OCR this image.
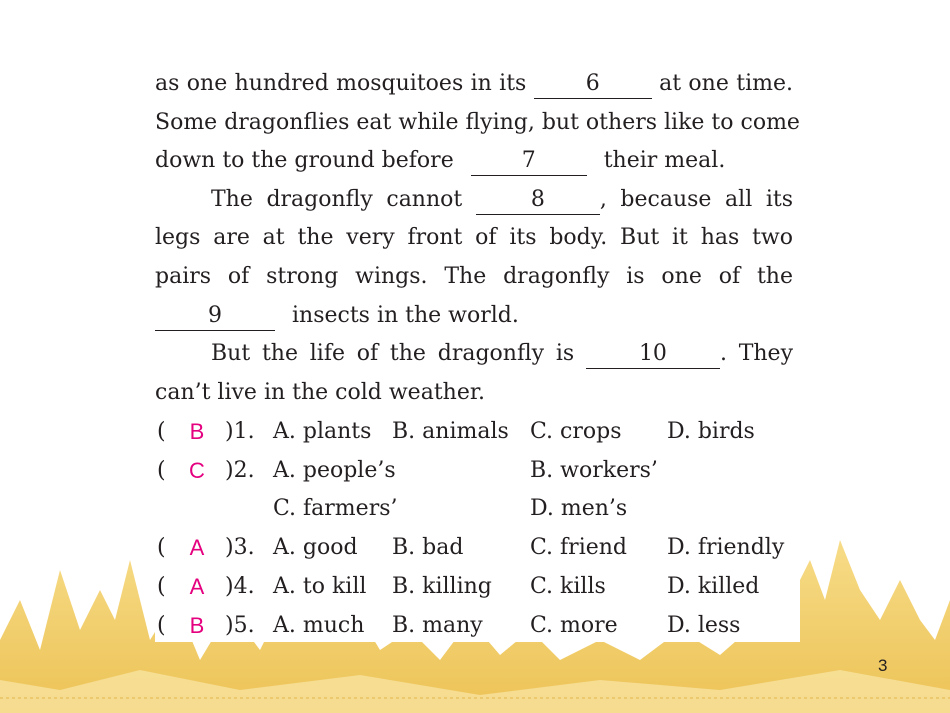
as one hundred mosquitoes in its	6	at one time.
Some dragonflies eat while flying, but others like to come
down to the ground before	7	their meal.
The dragonfly cannot	8	, because all its
legs are at the very front of its body. But it has two
pairs of strong wings. The dragonfly is one of the
9	insects in the world.
But the life of the dragonfly is	10 . They
can’t live in the cold weather.
(	B )1. A. plants B. animals C. crops D. birds
(	C )2. A. people’s	B. workers’
C. farmers’	D. men’s
(	A )3. A. good B. bad	C. friend D. friendly
(	A )4. A. to kill B. killing C. kills	D. killed
(	B )5. A. much B. many C. more D. less
3
